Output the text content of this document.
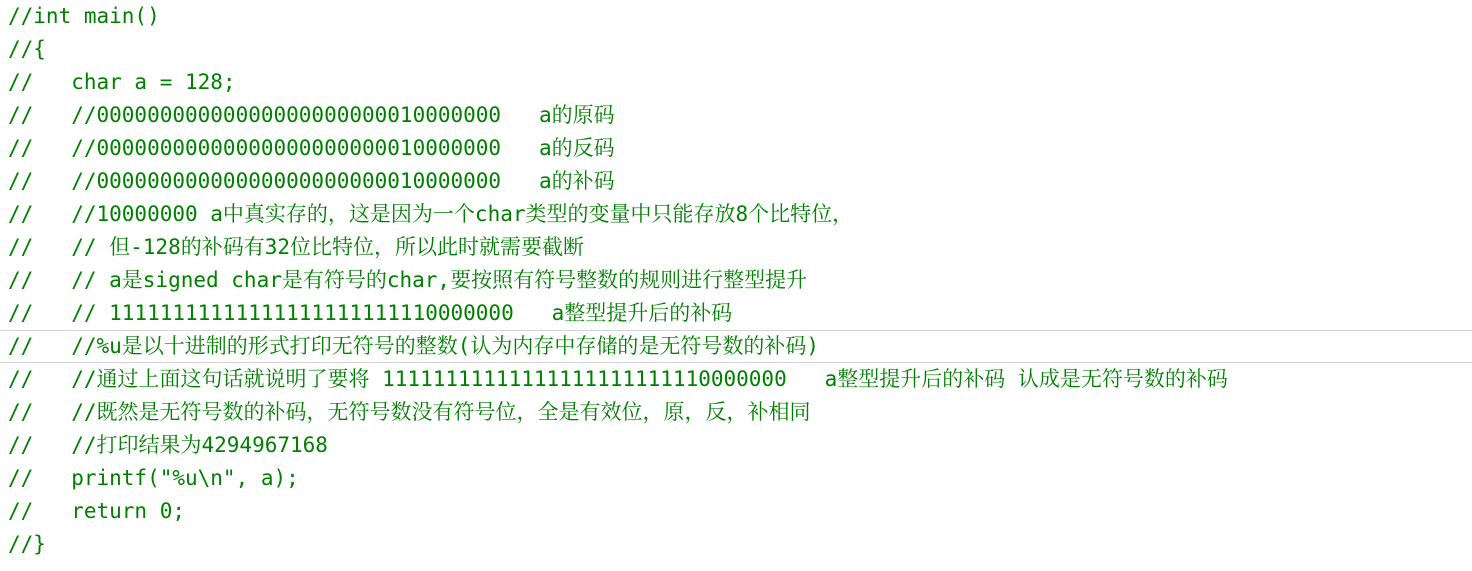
//int main()
//{
//   char a = 128;
//   //00000000000000000000000010000000   a的原码
//   //00000000000000000000000010000000   a的反码
//   //00000000000000000000000010000000   a的补码
//   //10000000 a中真实存的，这是因为一个char类型的变量中只能存放8个比特位，
//   // 但-128的补码有32位比特位，所以此时就需要截断
//   // a是signed char是有符号的char,要按照有符号整数的规则进行整型提升
//   // 11111111111111111111111110000000   a整型提升后的补码
//   //%u是以十进制的形式打印无符号的整数(认为内存中存储的是无符号数的补码)
//   //通过上面这句话就说明了要将 11111111111111111111111110000000   a整型提升后的补码 认成是无符号数的补码
//   //既然是无符号数的补码，无符号数没有符号位，全是有效位，原，反，补相同
//   //打印结果为4294967168
//   printf("%u\n", a);
//   return 0;
//}
